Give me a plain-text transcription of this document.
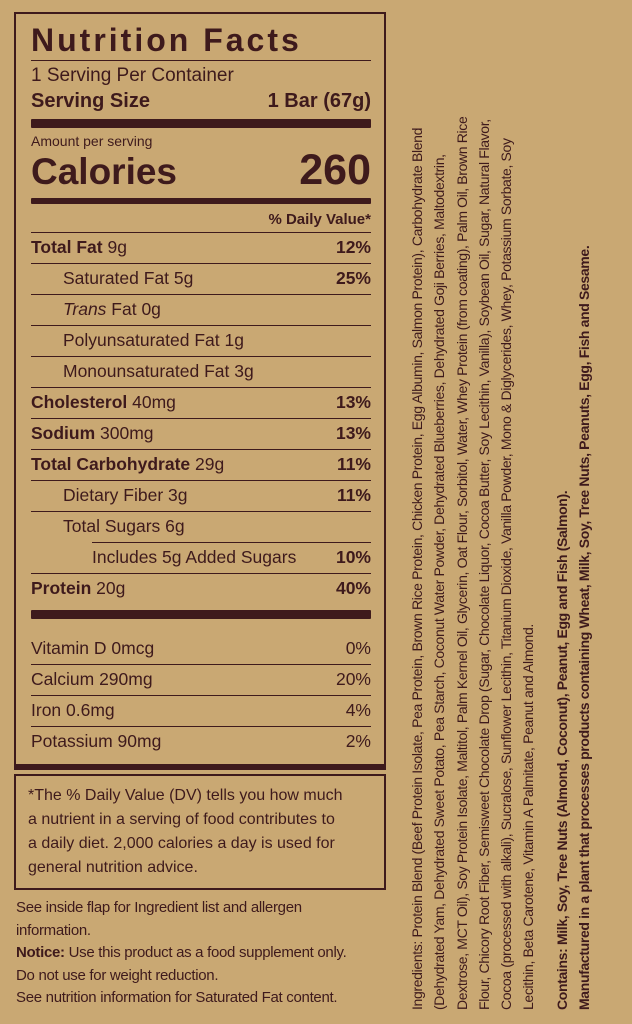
Nutrition Facts
1 Serving Per Container
Serving Size	1 Bar (67g)
Amount per serving
Calories	260
% Daily Value*
Total Fat 9g	12%
Saturated Fat 5g	25%
Trans Fat 0g
Polyunsaturated Fat 1g
Monounsaturated Fat 3g
Cholesterol 40mg	13%
Sodium 300mg	13%
Total Carbohydrate 29g	11%
Dietary Fiber 3g	11%
Total Sugars 6g
Includes 5g Added Sugars 10%
Protein 20g	40%
Vitamin D 0mcg	0%
Calcium 290mg	20%
Iron 0.6mg	4%
Potassium 90mg	2%
*The % Daily Value (DV) tells you how much
a nutrient in a serving of food contributes to
a daily diet. 2,000 calories a day is used for
general nutrition advice.
See inside flap for Ingredient list and allergen
information.
Notice: Use this product as a food supplement only.
Do not use for weight reduction.
See nutrition information for Saturated Fat content.	Ingredients: Protein Blend (Beef Protein Isolate, Pea Protein, Brown Rice Protein, Chicken Protein, Egg Albumin, Salmon Protein), Carbohydrate Blend (Dehydrated Yam, Dehydrated Sweet Potato, Pea Starch, Coconut Water Powder, Dehydrated Blueberries, Dehydrated Goji Berries, Maltodextrin, Dextrose, MCT Oil), Soy Protein Isolate, Maltitol, Palm Kernel Oil, Glycerin, Oat Flour, Sorbitol, Water, Whey Protein (from coating), Palm Oil, Brown Rice Flour, Chicory Root Fiber, Semisweet Chocolate Drop (Sugar, Chocolate Liquor, Cocoa Butter, Soy Lecithin, Vanilla), Soybean Oil, Sugar, Natural Flavor, Cocoa (processed with alkali), Sucralose, Sunflower Lecithin, Titanium Dioxide, Vanilla Powder, Mono & Diglycerides, Whey, Potassium Sorbate, Soy Lecithin, Beta Carotene, Vitamin A Palmitate, Peanut and Almond. Contains: Milk, Soy, Tree Nuts (Almond, Coconut), Peanut, Egg and Fish (Salmon). Manufactured in a plant that processes products containing Wheat, Milk, Soy, Tree Nuts, Peanuts, Egg, Fish and Sesame.
